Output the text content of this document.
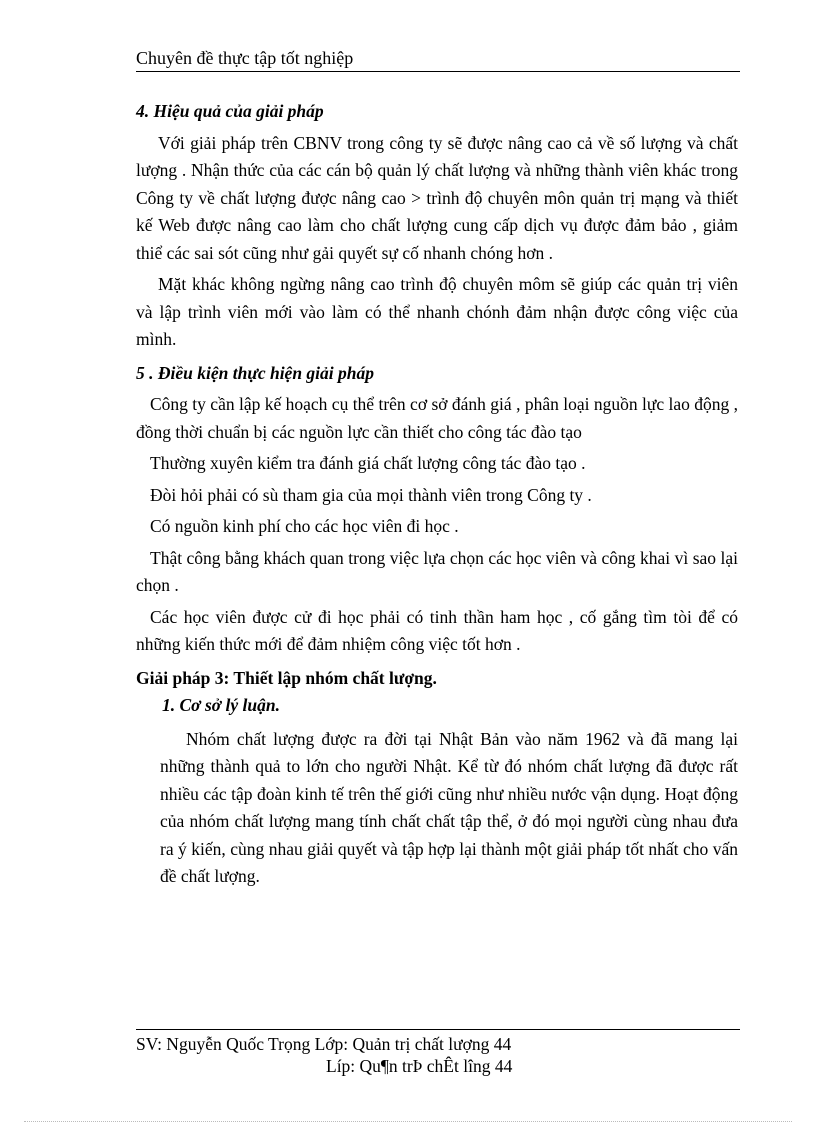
Chuyên đề thực tập tốt nghiệp
4. Hiệu quả của giải pháp

Với giải pháp trên CBNV trong công ty sẽ được nâng cao cả về số lượng và chất lượng . Nhận thức của các cán bộ quản lý chất lượng và những thành viên khác trong Công ty về chất lượng được nâng cao > trình độ chuyên môn quản trị mạng và thiết kế Web được nâng cao làm cho chất lượng cung cấp dịch vụ được đảm bảo , giảm thiể các sai sót cũng như gải quyết sự cố nhanh chóng hơn .

Mặt khác không ngừng nâng cao trình độ chuyên môm sẽ giúp các quản trị viên và lập trình viên mới vào làm có thể nhanh chónh đảm nhận được công việc của mình.

5 . Điều kiện thực hiện giải pháp

Công ty cần lập kế hoạch cụ thể trên cơ sở đánh giá , phân loại nguồn lực lao động , đồng thời chuẩn bị các nguồn lực cần thiết cho công tác đào tạo

Thường xuyên kiểm tra đánh giá chất lượng công tác đào tạo .

Đòi hỏi phải có sù tham gia của mọi thành viên trong Công ty .

Có nguồn kinh phí cho các học viên đi học .

Thật công bằng khách quan trong việc lựa chọn các học viên và công khai vì sao lại chọn .

Các học viên được cử đi học phải có tinh thần ham học , cố gắng tìm tòi để có những kiến thức mới để đảm nhiệm công việc tốt hơn .

Giải pháp 3: Thiết lập nhóm chất lượng.
1. Cơ sở lý luận.

Nhóm chất lượng được ra đời tại Nhật Bản vào năm 1962 và đã mang lại những thành quả to lớn cho người Nhật. Kể từ đó nhóm chất lượng đã được rất nhiều các tập đoàn kinh tế trên thế giới cũng như nhiều nước vận dụng. Hoạt động của nhóm chất lượng mang tính chất chất tập thể, ở đó mọi người cùng nhau đưa ra ý kiến, cùng nhau giải quyết và tập hợp lại thành một giải pháp tốt nhất cho vấn đề chất lượng.

SV: Nguyễn Quốc Trọng Lớp: Quản trị chất lượng 44
Líp: Qu¶n trÞ chÊt lîng 44
